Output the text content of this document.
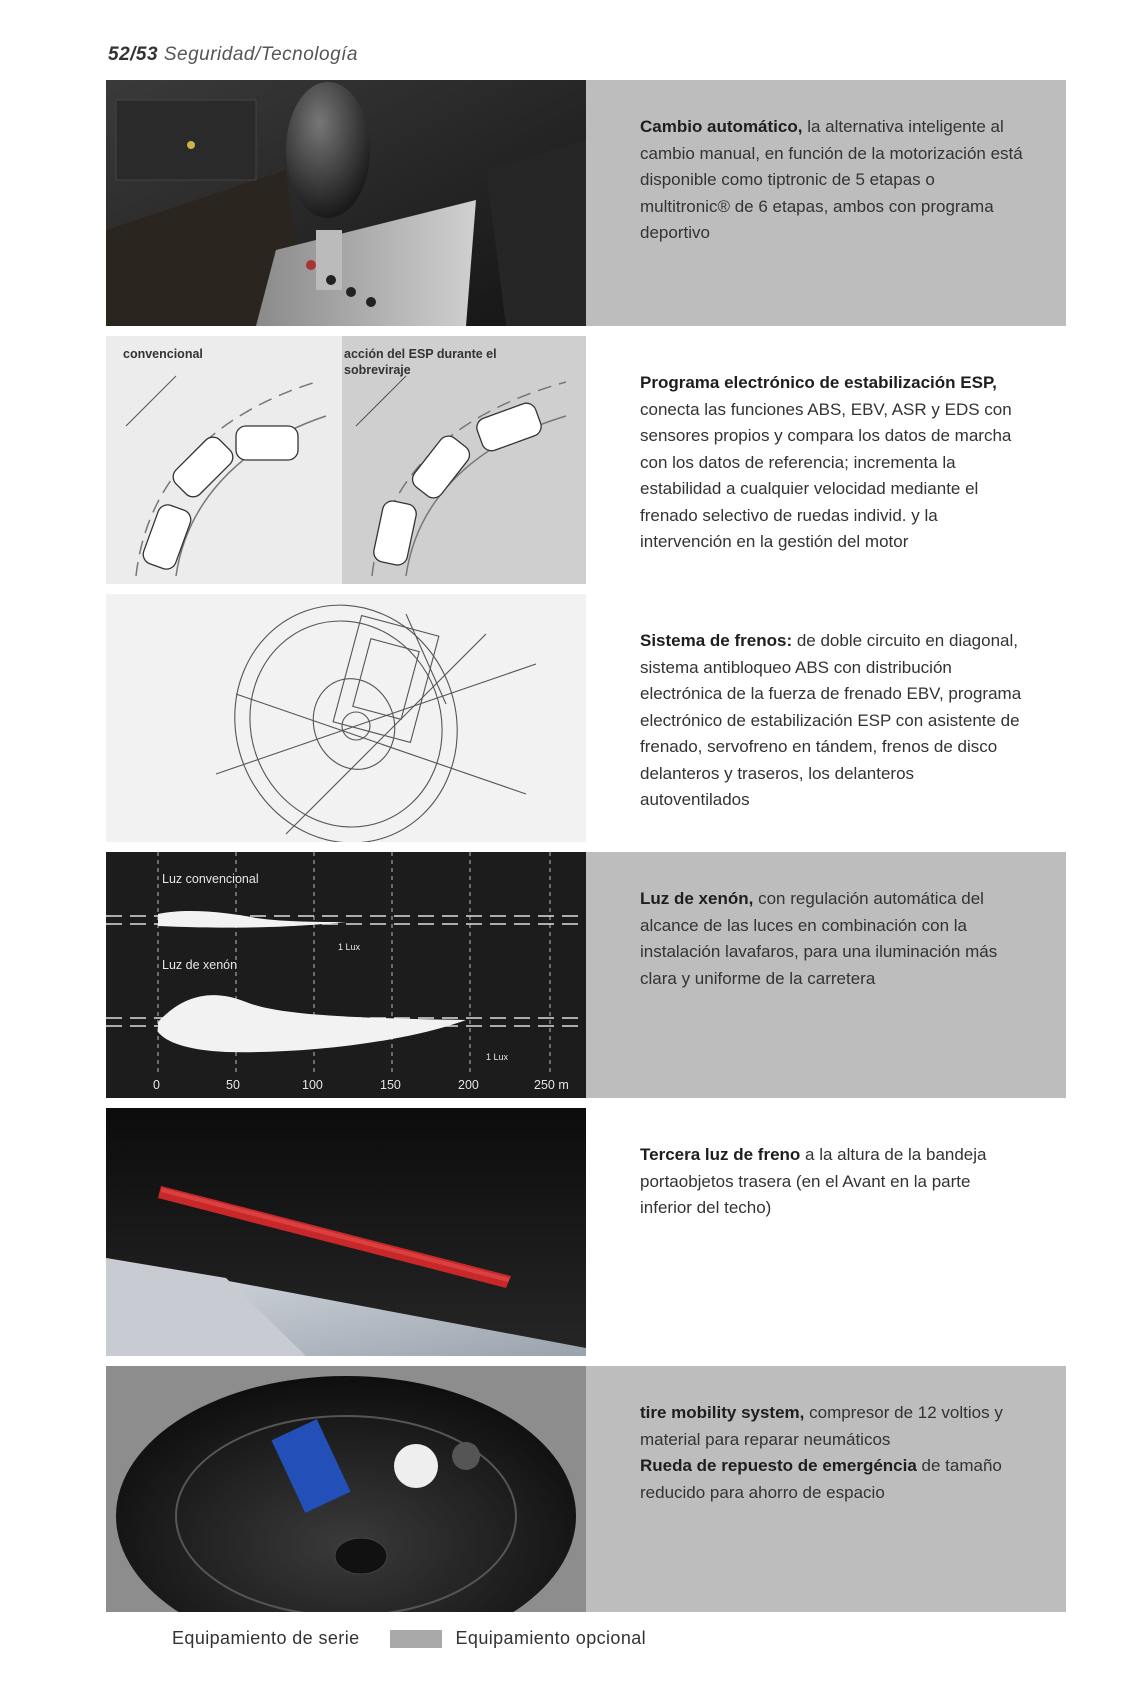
52/53 Seguridad/Tecnología
Cambio automático, la alternativa inteligente al cambio manual, en función de la motorización está disponible como tiptronic de 5 etapas o multitronic® de 6 etapas, ambos con programa deportivo
convencional	acción del ESP durante el sobreviraje
Programa electrónico de estabilización ESP, conecta las funciones ABS, EBV, ASR y EDS con sensores propios y compara los datos de marcha con los datos de referencia; incrementa la estabilidad a cualquier velocidad mediante el frenado selectivo de ruedas individ. y la intervención en la gestión del motor
Sistema de frenos: de doble circuito en diagonal, sistema antibloqueo ABS con distribución electrónica de la fuerza de frenado EBV, programa electrónico de estabilización ESP con asistente de frenado, servofreno en tándem, frenos de disco delanteros y traseros, los delanteros autoventilados
Luz convencional
Luz de xenón
1 Lux
1 Lux
0	50	100	150	200	250 m
Luz de xenón, con regulación automática del alcance de las luces en combinación con la instalación lavafaros, para una iluminación más clara y uniforme de la carretera
Tercera luz de freno a la altura de la bandeja portaobjetos trasera (en el Avant en la parte inferior del techo)
tire mobility system, compresor de 12 voltios y material para reparar neumáticos
Rueda de repuesto de emergéncia de tamaño reducido para ahorro de espacio
Equipamiento de serie	Equipamiento opcional
